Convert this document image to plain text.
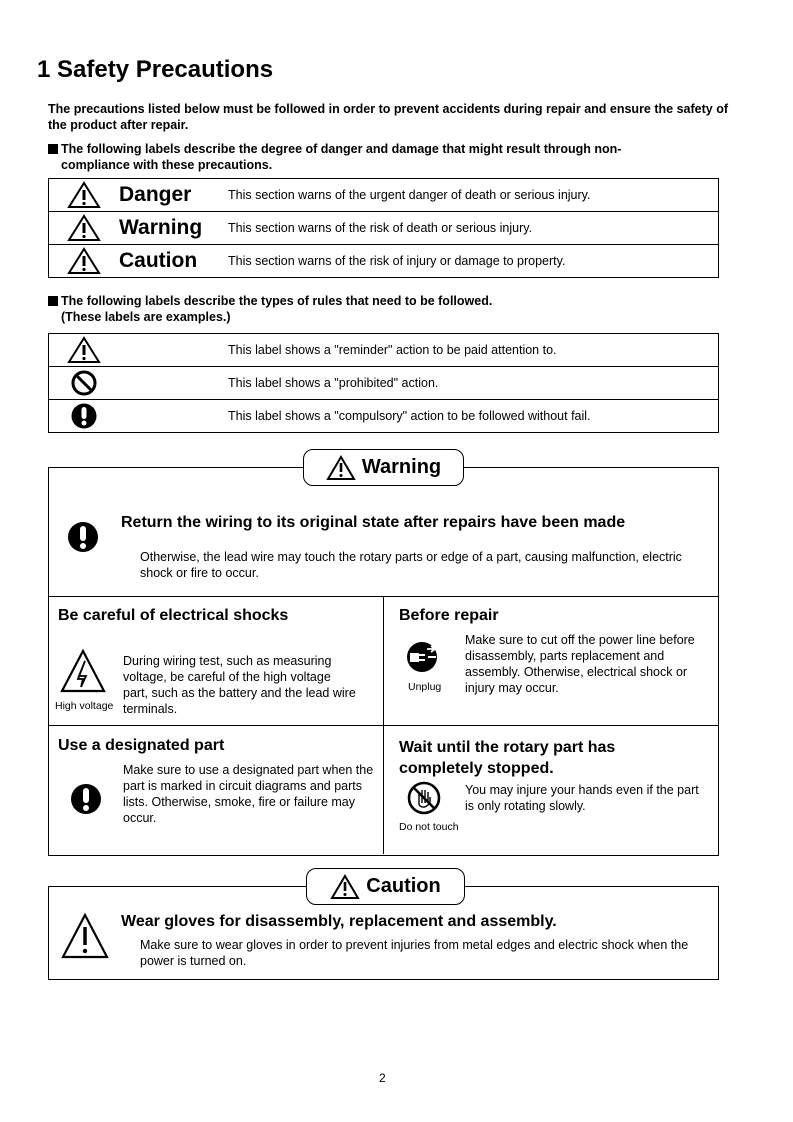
1 Safety Precautions
The precautions listed below must be followed in order to prevent accidents during repair and ensure the safety of the product after repair.
The following labels describe the degree of danger and damage that might result through non-compliance with these precautions.
Danger	This section warns of the urgent danger of death or serious injury.

Warning	This section warns of the risk of death or serious injury.

Caution	This section warns of the risk of injury or damage to property.
The following labels describe the types of rules that need to be followed.
(These labels are examples.)
	This label shows a "reminder" action to be paid attention to.

	This label shows a "prohibited" action.

	This label shows a "compulsory" action to be followed without fail.
Warning
Return the wiring to its original state after repairs have been made
Otherwise, the lead wire may touch the rotary parts or edge of a part, causing malfunction, electric shock or fire to occur.
Be careful of electrical shocks
High voltage
During wiring test, such as measuring voltage, be careful of the high voltage part, such as the battery and the lead wire terminals.
Before repair
Unplug
Make sure to cut off the power line before disassembly, parts replacement and assembly. Otherwise, electrical shock or injury may occur.
Use a designated part
Make sure to use a designated part when the part is marked in circuit diagrams and parts lists. Otherwise, smoke, fire or failure may occur.
Wait until the rotary part has completely stopped.
Do not touch
You may injure your hands even if the part is only rotating slowly.
Caution
Wear gloves for disassembly, replacement and assembly.
Make sure to wear gloves in order to prevent injuries from metal edges and electric shock when the power is turned on.
2
